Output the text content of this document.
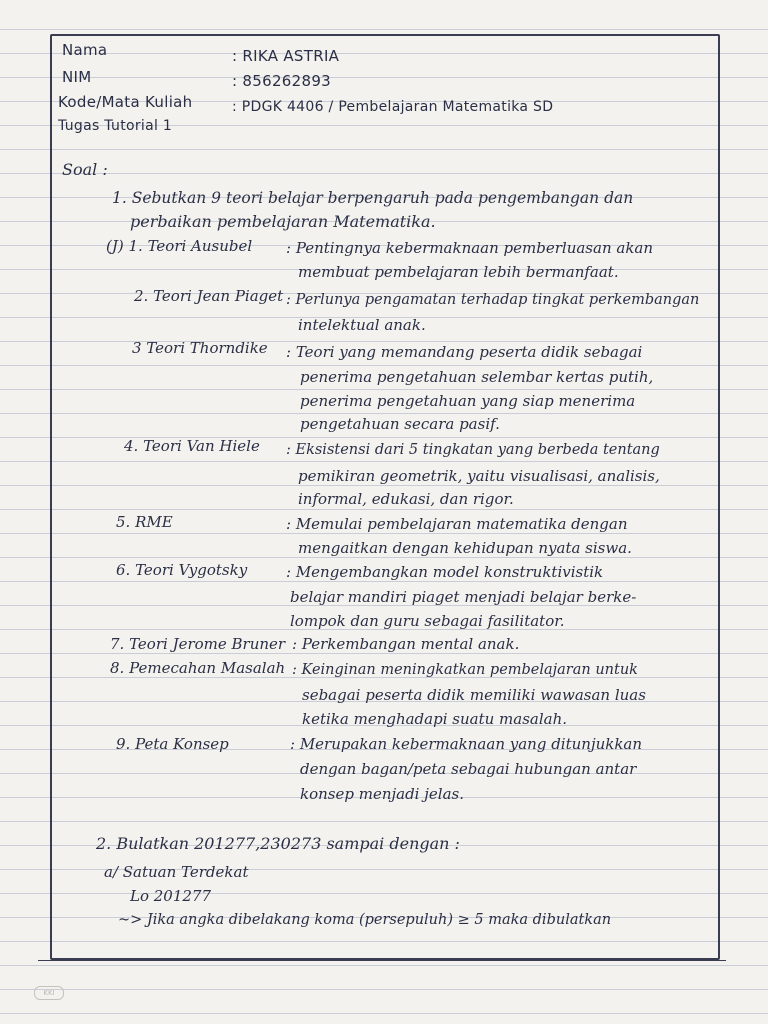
Nama	: RIKA ASTRIA
NIM	: 856262893
Kode/Mata Kuliah	: PDGK 4406 / Pembelajaran Matematika SD
Tugas Tutorial 1
Soal :
1. Sebutkan 9 teori belajar berpengaruh pada pengembangan dan
perbaikan pembelajaran Matematika.
(J) 1. Teori Ausubel : Pentingnya kebermaknaan pemberluasan akan
membuat pembelajaran lebih bermanfaat.
2. Teori Jean Piaget : Perlunya pengamatan terhadap tingkat perkembangan
intelektual anak.
3 Teori Thorndike : Teori yang memandang peserta didik sebagai
penerima pengetahuan selembar kertas putih,
penerima pengetahuan yang siap menerima
pengetahuan secara pasif.
4. Teori Van Hiele : Eksistensi dari 5 tingkatan yang berbeda tentang
pemikiran geometrik, yaitu visualisasi, analisis,
informal, edukasi, dan rigor.
5. RME	: Memulai pembelajaran matematika dengan
mengaitkan dengan kehidupan nyata siswa.
6. Teori Vygotsky	: Mengembangkan model konstruktivistik
belajar mandiri piaget menjadi belajar berke-
lompok dan guru sebagai fasilitator.
7. Teori Jerome Bruner : Perkembangan mental anak.
8. Pemecahan Masalah : Keinginan meningkatkan pembelajaran untuk
sebagai peserta didik memiliki wawasan luas
ketika menghadapi suatu masalah.
9. Peta Konsep	: Merupakan kebermaknaan yang ditunjukkan
dengan bagan/peta sebagai hubungan antar
konsep menjadi jelas.
2. Bulatkan 201277,230273 sampai dengan :
a/ Satuan Terdekat
Lo 201277
~> Jika angka dibelakang koma (persepuluh) ≥ 5 maka dibulatkan
KKI
